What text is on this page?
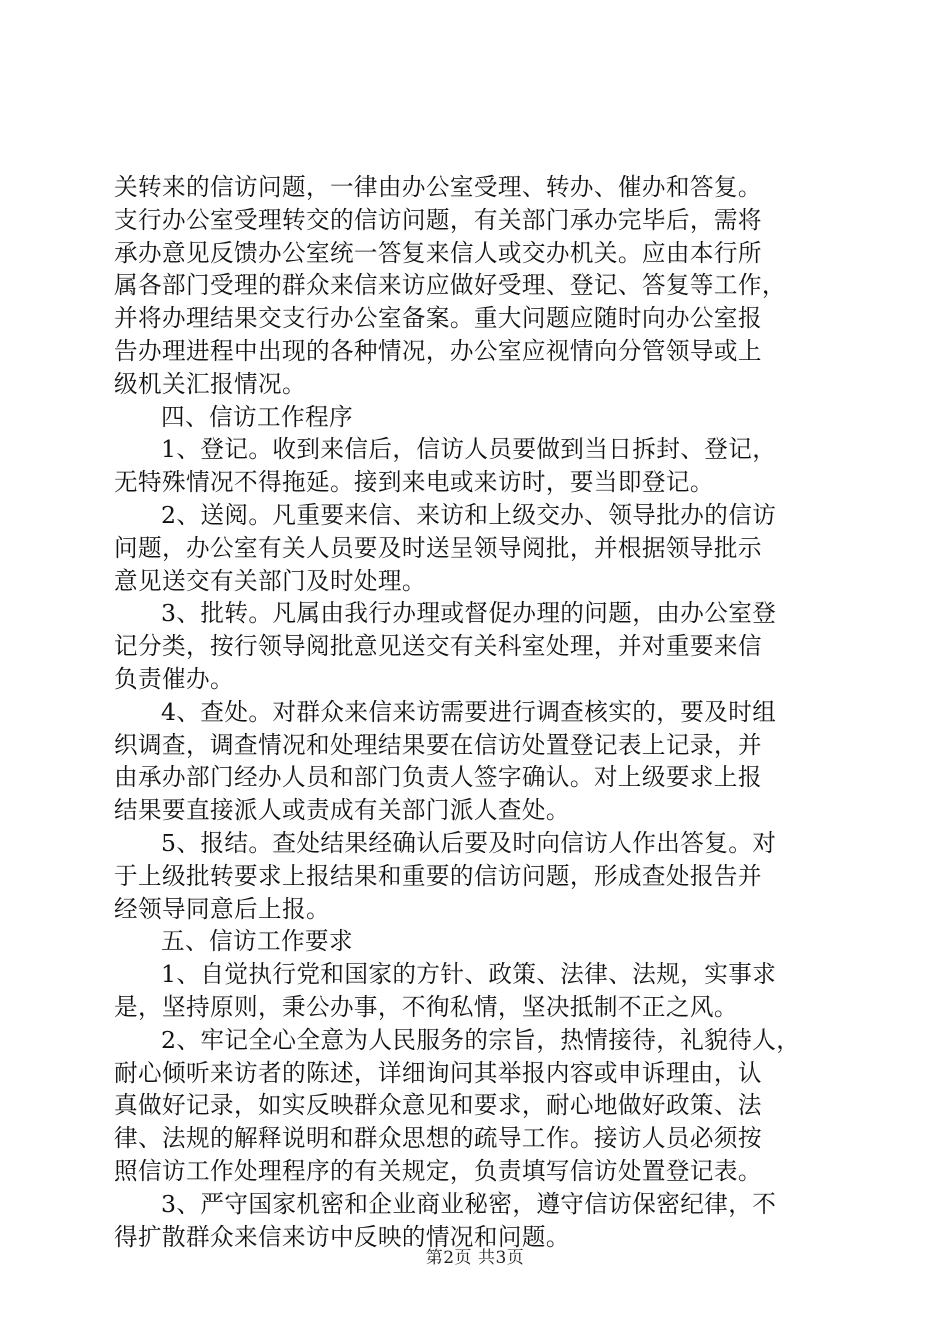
关转来的信访问题，一律由办公室受理、转办、催办和答复。
支行办公室受理转交的信访问题，有关部门承办完毕后，需将
承办意见反馈办公室统一答复来信人或交办机关。应由本行所
属各部门受理的群众来信来访应做好受理、登记、答复等工作，
并将办理结果交支行办公室备案。重大问题应随时向办公室报
告办理进程中出现的各种情况，办公室应视情向分管领导或上
级机关汇报情况。
四、信访工作程序
1、登记。收到来信后，信访人员要做到当日拆封、登记，
无特殊情况不得拖延。接到来电或来访时，要当即登记。
2、送阅。凡重要来信、来访和上级交办、领导批办的信访
问题，办公室有关人员要及时送呈领导阅批，并根据领导批示
意见送交有关部门及时处理。
3、批转。凡属由我行办理或督促办理的问题，由办公室登
记分类，按行领导阅批意见送交有关科室处理，并对重要来信
负责催办。
4、查处。对群众来信来访需要进行调查核实的，要及时组
织调查，调查情况和处理结果要在信访处置登记表上记录，并
由承办部门经办人员和部门负责人签字确认。对上级要求上报
结果要直接派人或责成有关部门派人查处。
5、报结。查处结果经确认后要及时向信访人作出答复。对
于上级批转要求上报结果和重要的信访问题，形成查处报告并
经领导同意后上报。
五、信访工作要求
1、自觉执行党和国家的方针、政策、法律、法规，实事求
是，坚持原则，秉公办事，不徇私情，坚决抵制不正之风。
2、牢记全心全意为人民服务的宗旨，热情接待，礼貌待人，
耐心倾听来访者的陈述，详细询问其举报内容或申诉理由，认
真做好记录，如实反映群众意见和要求，耐心地做好政策、法
律、法规的解释说明和群众思想的疏导工作。接访人员必须按
照信访工作处理程序的有关规定，负责填写信访处置登记表。
3、严守国家机密和企业商业秘密，遵守信访保密纪律，不
得扩散群众来信来访中反映的情况和问题。
第2页 共3页
